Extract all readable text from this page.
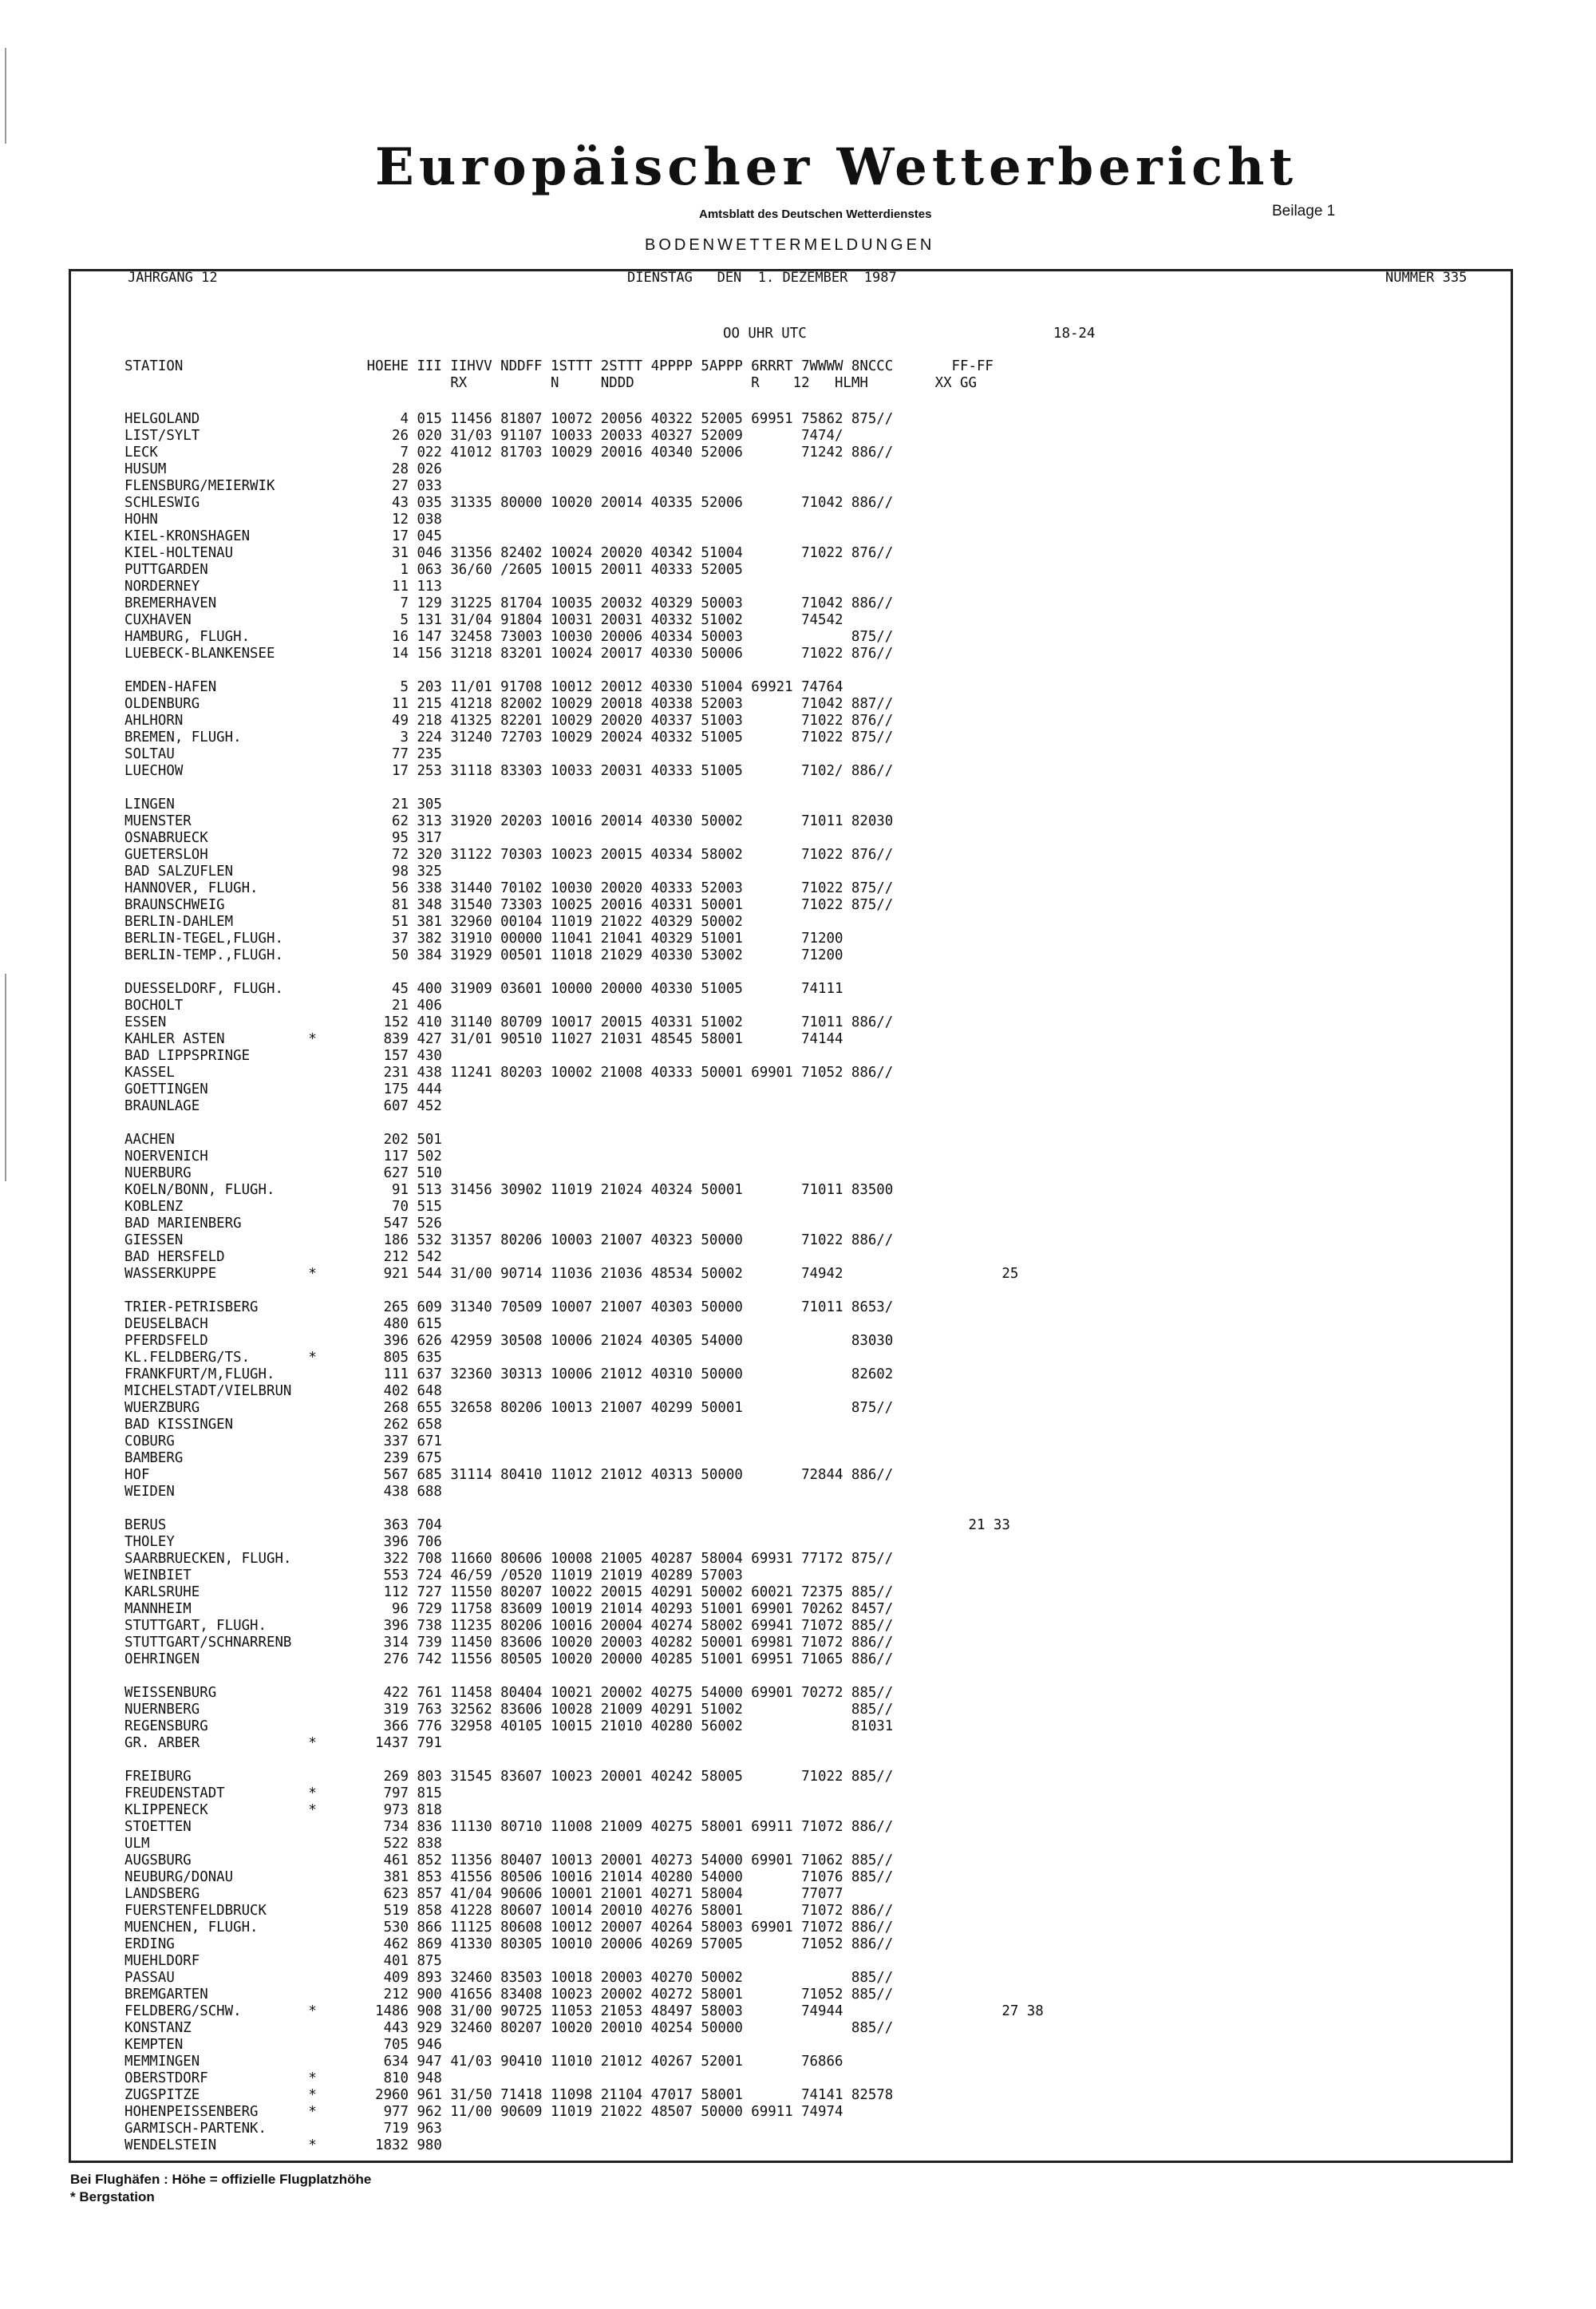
Europäischer Wetterbericht
Amtsblatt des Deutschen Wetterdienstes	Beilage 1
BODENWETTERMELDUNGEN
JAHRGANG 12	DIENSTAG   DEN  1. DEZEMBER  1987	NUMMER 335
OO UHR UTC	18-24
STATION                      HOEHE III IIHVV NDDFF 1STTT 2STTT 4PPPP 5APPP 6RRRT 7WWWW 8NCCC       FF-FF
RX          N     NDDD              R    12   HLMH        XX GG
HELGOLAND                        4 015 11456 81807 10072 20056 40322 52005 69951 75862 875//
LIST/SYLT                       26 020 31/03 91107 10033 20033 40327 52009       7474/
LECK                             7 022 41012 81703 10029 20016 40340 52006       71242 886//
HUSUM                           28 026
FLENSBURG/MEIERWIK              27 033
SCHLESWIG                       43 035 31335 80000 10020 20014 40335 52006       71042 886//
HOHN                            12 038
KIEL-KRONSHAGEN                 17 045
KIEL-HOLTENAU                   31 046 31356 82402 10024 20020 40342 51004       71022 876//
PUTTGARDEN                       1 063 36/60 /2605 10015 20011 40333 52005
NORDERNEY                       11 113
BREMERHAVEN                      7 129 31225 81704 10035 20032 40329 50003       71042 886//
CUXHAVEN                         5 131 31/04 91804 10031 20031 40332 51002       74542
HAMBURG, FLUGH.                 16 147 32458 73003 10030 20006 40334 50003             875//
LUEBECK-BLANKENSEE              14 156 31218 83201 10024 20017 40330 50006       71022 876//
EMDEN-HAFEN                      5 203 11/01 91708 10012 20012 40330 51004 69921 74764
OLDENBURG                       11 215 41218 82002 10029 20018 40338 52003       71042 887//
AHLHORN                         49 218 41325 82201 10029 20020 40337 51003       71022 876//
BREMEN, FLUGH.                   3 224 31240 72703 10029 20024 40332 51005       71022 875//
SOLTAU                          77 235
LUECHOW                         17 253 31118 83303 10033 20031 40333 51005       7102/ 886//
LINGEN                          21 305
MUENSTER                        62 313 31920 20203 10016 20014 40330 50002       71011 82030
OSNABRUECK                      95 317
GUETERSLOH                      72 320 31122 70303 10023 20015 40334 58002       71022 876//
BAD SALZUFLEN                   98 325
HANNOVER, FLUGH.                56 338 31440 70102 10030 20020 40333 52003       71022 875//
BRAUNSCHWEIG                    81 348 31540 73303 10025 20016 40331 50001       71022 875//
BERLIN-DAHLEM                   51 381 32960 00104 11019 21022 40329 50002
BERLIN-TEGEL,FLUGH.             37 382 31910 00000 11041 21041 40329 51001       71200
BERLIN-TEMP.,FLUGH.             50 384 31929 00501 11018 21029 40330 53002       71200
DUESSELDORF, FLUGH.             45 400 31909 03601 10000 20000 40330 51005       74111
BOCHOLT                         21 406
ESSEN                          152 410 31140 80709 10017 20015 40331 51002       71011 886//
KAHLER ASTEN          *        839 427 31/01 90510 11027 21031 48545 58001       74144
BAD LIPPSPRINGE                157 430
KASSEL                         231 438 11241 80203 10002 21008 40333 50001 69901 71052 886//
GOETTINGEN                     175 444
BRAUNLAGE                      607 452
AACHEN                         202 501
NOERVENICH                     117 502
NUERBURG                       627 510
KOELN/BONN, FLUGH.              91 513 31456 30902 11019 21024 40324 50001       71011 83500
KOBLENZ                         70 515
BAD MARIENBERG                 547 526
GIESSEN                        186 532 31357 80206 10003 21007 40323 50000       71022 886//
BAD HERSFELD                   212 542
WASSERKUPPE           *        921 544 31/00 90714 11036 21036 48534 50002       74942                   25
TRIER-PETRISBERG               265 609 31340 70509 10007 21007 40303 50000       71011 8653/
DEUSELBACH                     480 615
PFERDSFELD                     396 626 42959 30508 10006 21024 40305 54000             83030
KL.FELDBERG/TS.       *        805 635
FRANKFURT/M,FLUGH.             111 637 32360 30313 10006 21012 40310 50000             82602
MICHELSTADT/VIELBRUN           402 648
WUERZBURG                      268 655 32658 80206 10013 21007 40299 50001             875//
BAD KISSINGEN                  262 658
COBURG                         337 671
BAMBERG                        239 675
HOF                            567 685 31114 80410 11012 21012 40313 50000       72844 886//
WEIDEN                         438 688
BERUS                          363 704                                                               21 33
THOLEY                         396 706
SAARBRUECKEN, FLUGH.           322 708 11660 80606 10008 21005 40287 58004 69931 77172 875//
WEINBIET                       553 724 46/59 /0520 11019 21019 40289 57003
KARLSRUHE                      112 727 11550 80207 10022 20015 40291 50002 60021 72375 885//
MANNHEIM                        96 729 11758 83609 10019 21014 40293 51001 69901 70262 8457/
STUTTGART, FLUGH.              396 738 11235 80206 10016 20004 40274 58002 69941 71072 885//
STUTTGART/SCHNARRENB           314 739 11450 83606 10020 20003 40282 50001 69981 71072 886//
OEHRINGEN                      276 742 11556 80505 10020 20000 40285 51001 69951 71065 886//
WEISSENBURG                    422 761 11458 80404 10021 20002 40275 54000 69901 70272 885//
NUERNBERG                      319 763 32562 83606 10028 21009 40291 51002             885//
REGENSBURG                     366 776 32958 40105 10015 21010 40280 56002             81031
GR. ARBER             *       1437 791
FREIBURG                       269 803 31545 83607 10023 20001 40242 58005       71022 885//
FREUDENSTADT          *        797 815
KLIPPENECK            *        973 818
STOETTEN                       734 836 11130 80710 11008 21009 40275 58001 69911 71072 886//
ULM                            522 838
AUGSBURG                       461 852 11356 80407 10013 20001 40273 54000 69901 71062 885//
NEUBURG/DONAU                  381 853 41556 80506 10016 21014 40280 54000       71076 885//
LANDSBERG                      623 857 41/04 90606 10001 21001 40271 58004       77077
FUERSTENFELDBRUCK              519 858 41228 80607 10014 20010 40276 58001       71072 886//
MUENCHEN, FLUGH.               530 866 11125 80608 10012 20007 40264 58003 69901 71072 886//
ERDING                         462 869 41330 80305 10010 20006 40269 57005       71052 886//
MUEHLDORF                      401 875
PASSAU                         409 893 32460 83503 10018 20003 40270 50002             885//
BREMGARTEN                     212 900 41656 83408 10023 20002 40272 58001       71052 885//
FELDBERG/SCHW.        *       1486 908 31/00 90725 11053 21053 48497 58003       74944                   27 38
KONSTANZ                       443 929 32460 80207 10020 20010 40254 50000             885//
KEMPTEN                        705 946
MEMMINGEN                      634 947 41/03 90410 11010 21012 40267 52001       76866
OBERSTDORF            *        810 948
ZUGSPITZE             *       2960 961 31/50 71418 11098 21104 47017 58001       74141 82578
HOHENPEISSENBERG      *        977 962 11/00 90609 11019 21022 48507 50000 69911 74974
GARMISCH-PARTENK.              719 963
WENDELSTEIN           *       1832 980
Bei Flughäfen : Höhe = offizielle Flugplatzhöhe
* Bergstation
